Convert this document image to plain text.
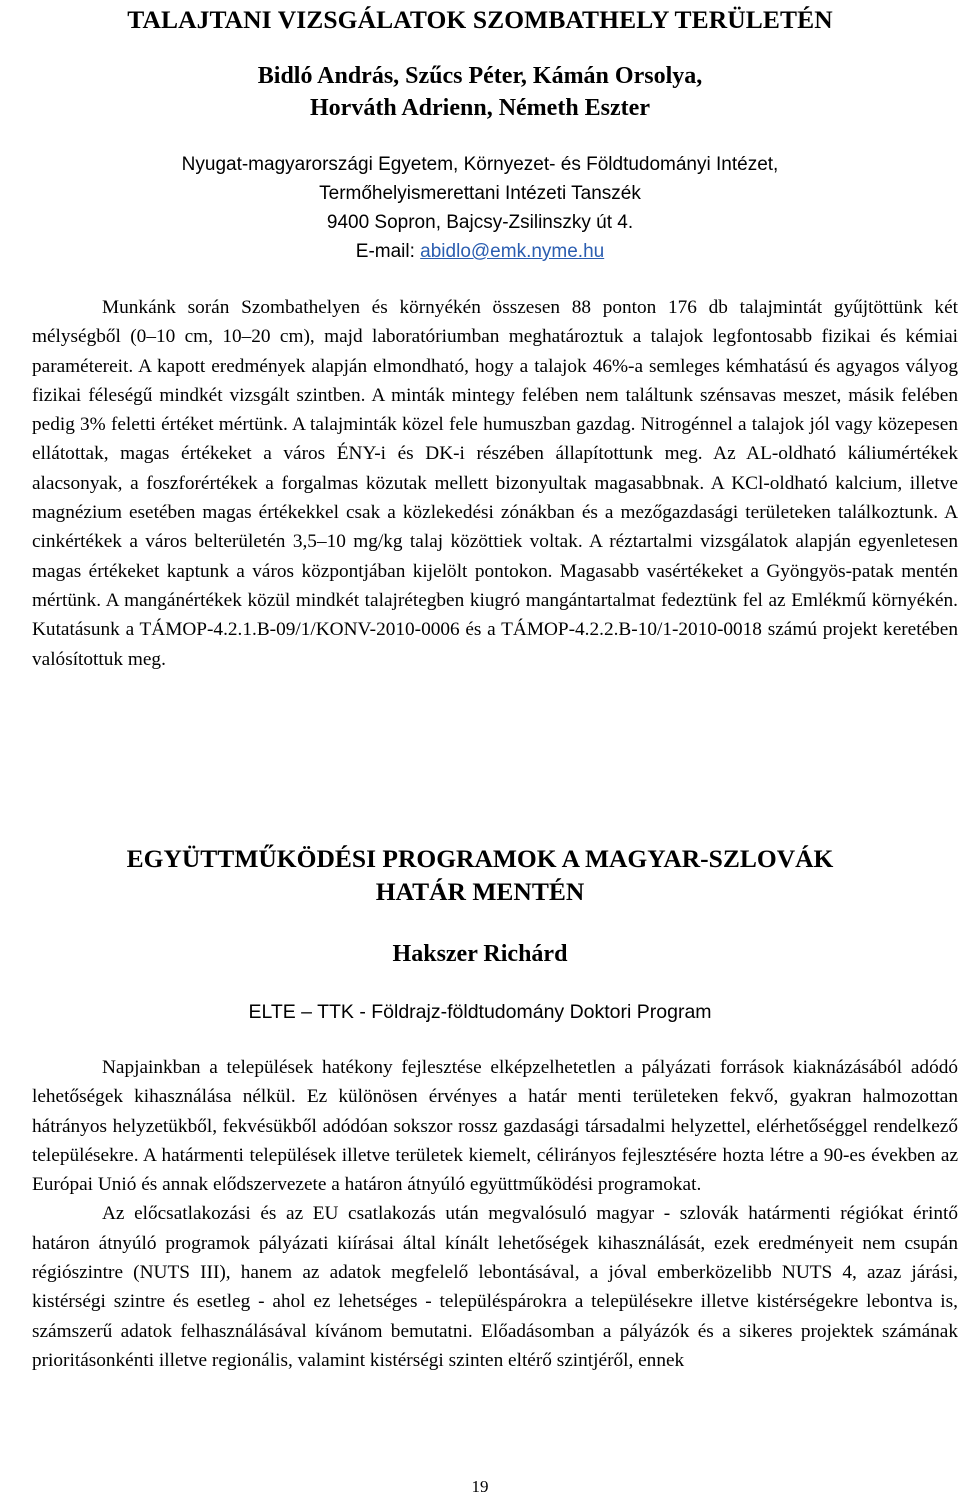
TALAJTANI VIZSGÁLATOK SZOMBATHELY TERÜLETÉN
Bidló András, Szűcs Péter, Kámán Orsolya,
Horváth Adrienn, Németh Eszter
Nyugat-magyarországi Egyetem, Környezet- és Földtudományi Intézet,
Termőhelyismerettani Intézeti Tanszék
9400 Sopron, Bajcsy-Zsilinszky út 4.
E-mail: abidlo@emk.nyme.hu
Munkánk során Szombathelyen és környékén összesen 88 ponton 176 db talajmintát gyűjtöttünk két mélységből (0–10 cm, 10–20 cm), majd laboratóriumban meghatároztuk a talajok legfontosabb fizikai és kémiai paramétereit. A kapott eredmények alapján elmondható, hogy a talajok 46%-a semleges kémhatású és agyagos vályog fizikai féleségű mindkét vizsgált szintben. A minták mintegy felében nem találtunk szénsavas meszet, másik felében pedig 3% feletti értéket mértünk. A talajminták közel fele humuszban gazdag. Nitrogénnel a talajok jól vagy közepesen ellátottak, magas értékeket a város ÉNY-i és DK-i részében állapítottunk meg. Az AL-oldható káliumértékek alacsonyak, a foszforértékek a forgalmas közutak mellett bizonyultak magasabbnak. A KCl-oldható kalcium, illetve magnézium esetében magas értékekkel csak a közlekedési zónákban és a mezőgazdasági területeken találkoztunk. A cinkértékek a város belterületén 3,5–10 mg/kg talaj közöttiek voltak. A réztartalmi vizsgálatok alapján egyenletesen magas értékeket kaptunk a város központjában kijelölt pontokon. Magasabb vasértékeket a Gyöngyös-patak mentén mértünk. A mangánértékek közül mindkét talajrétegben kiugró mangántartalmat fedeztünk fel az Emlékmű környékén. Kutatásunk a TÁMOP-4.2.1.B-09/1/KONV-2010-0006 és a TÁMOP-4.2.2.B-10/1-2010-0018 számú projekt keretében valósítottuk meg.
EGYÜTTMŰKÖDÉSI PROGRAMOK A MAGYAR-SZLOVÁK
HATÁR MENTÉN
Hakszer Richárd
ELTE – TTK - Földrajz-földtudomány Doktori Program

Napjainkban a települések hatékony fejlesztése elképzelhetetlen a pályázati források kiaknázásából adódó lehetőségek kihasználása nélkül. Ez különösen érvényes a határ menti területeken fekvő, gyakran halmozottan hátrányos helyzetükből, fekvésükből adódóan sokszor rossz gazdasági társadalmi helyzettel, elérhetőséggel rendelkező településekre. A határmenti települések illetve területek kiemelt, célirányos fejlesztésére hozta létre a 90-es években az Európai Unió és annak elődszervezete a határon átnyúló együttműködési programokat.

Az előcsatlakozási és az EU csatlakozás után megvalósuló magyar - szlovák határmenti régiókat érintő határon átnyúló programok pályázati kiírásai által kínált lehetőségek kihasználását, ezek eredményeit nem csupán régiószintre (NUTS III), hanem az adatok megfelelő lebontásával, a jóval emberközelibb NUTS 4, azaz járási, kistérségi szintre és esetleg - ahol ez lehetséges - településpárokra a településekre illetve kistérségekre lebontva is, számszerű adatok felhasználásával kívánom bemutatni. Előadásomban a pályázók és a sikeres projektek számának prioritásonkénti illetve regionális, valamint kistérségi szinten eltérő szintjéről, ennek

19
